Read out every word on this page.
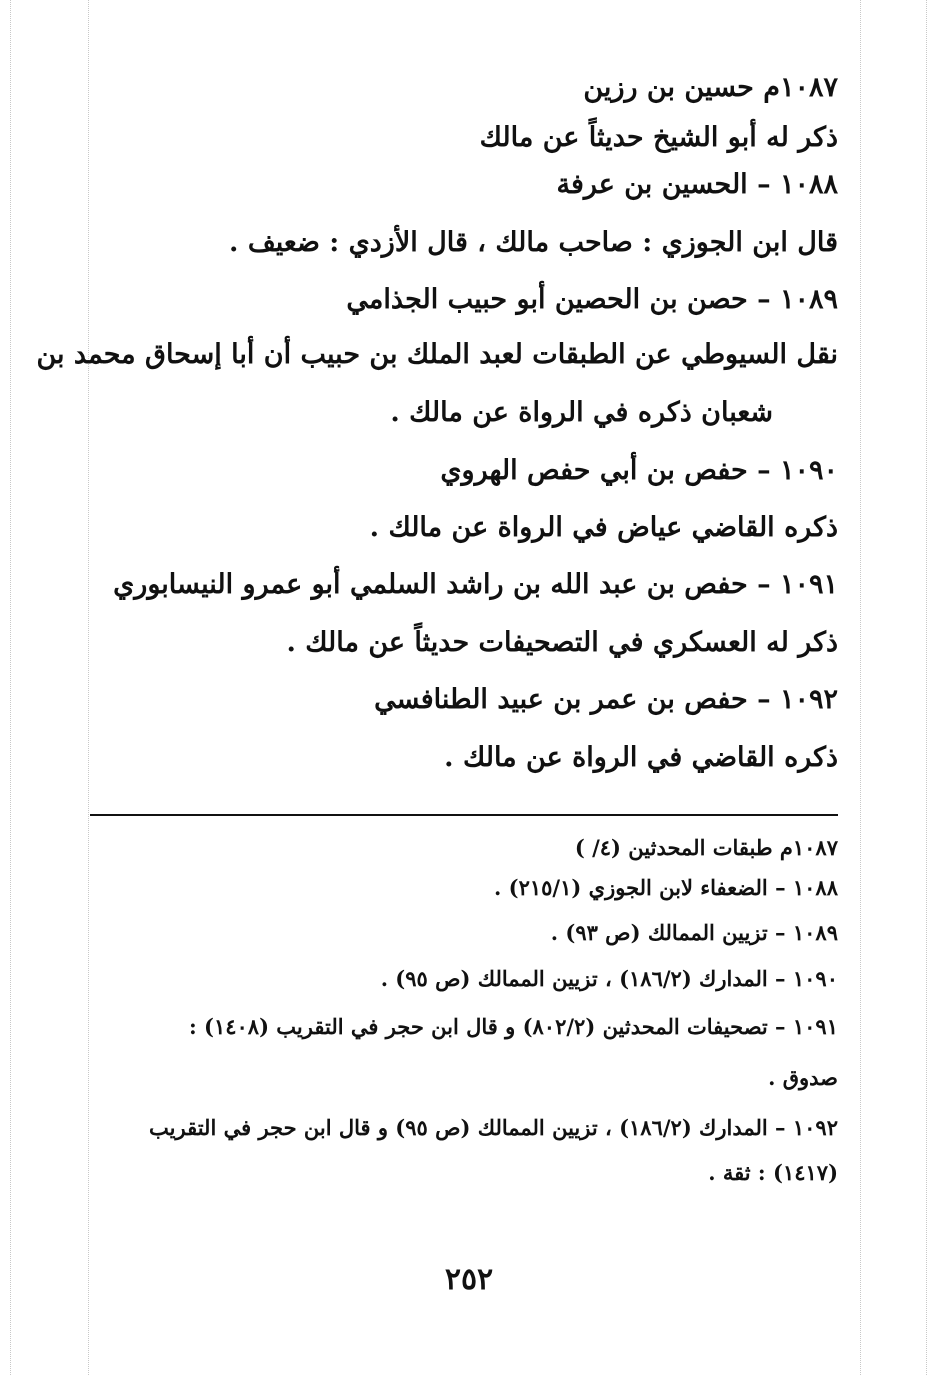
١٠٨٧م حسين بن رزين
ذكر له أبو الشيخ حديثاً عن مالك
١٠٨٨ – الحسين بن عرفة
قال ابن الجوزي : صاحب مالك ، قال الأزدي : ضعيف .
١٠٨٩ – حصن بن الحصين أبو حبيب الجذامي
نقل السيوطي عن الطبقات لعبد الملك بن حبيب أن أبا إسحاق محمد بن
شعبان ذكره في الرواة عن مالك .
١٠٩٠ – حفص بن أبي حفص الهروي
ذكره القاضي عياض في الرواة عن مالك .
١٠٩١ – حفص بن عبد الله بن راشد السلمي أبو عمرو النيسابوري
ذكر له العسكري في التصحيفات حديثاً عن مالك .
١٠٩٢ – حفص بن عمر بن عبيد الطنافسي
ذكره القاضي في الرواة عن مالك .
١٠٨٧م طبقات المحدثين (٤/ )
١٠٨٨ – الضعفاء لابن الجوزي (٢١٥/١) .
١٠٨٩ – تزيين الممالك (ص ٩٣) .
١٠٩٠ – المدارك (١٨٦/٢) ، تزيين الممالك (ص ٩٥) .
١٠٩١ – تصحيفات المحدثين (٨٠٢/٢) و قال ابن حجر في التقريب (١٤٠٨) :
صدوق .
١٠٩٢ – المدارك (١٨٦/٢) ، تزيين الممالك (ص ٩٥) و قال ابن حجر في التقريب
(١٤١٧) : ثقة .
٢٥٢
